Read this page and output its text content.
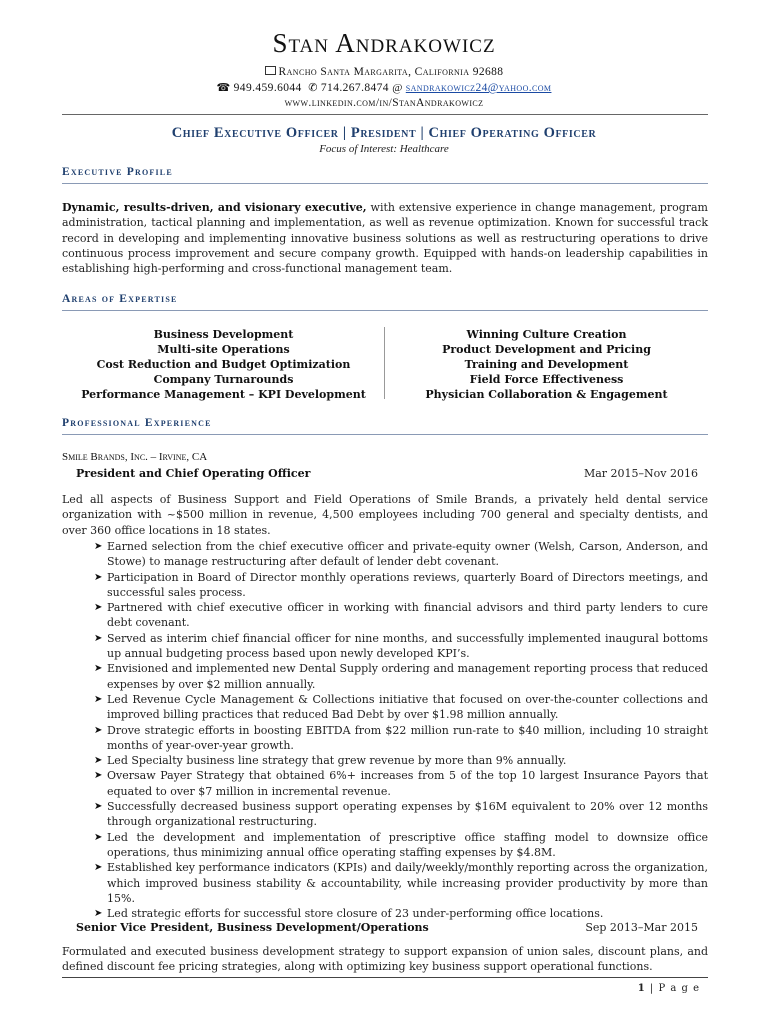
Stan Andrakowicz
Rancho Santa Margarita, California 92688
☎ 949.459.6044 ✆ 714.267.8474 @ sandrakowicz24@yahoo.com
www.linkedin.com/in/StanAndrakowicz
Chief Executive Officer | President | Chief Operating Officer
Focus of Interest: Healthcare
Executive Profile
Dynamic, results-driven, and visionary executive, with extensive experience in change management, program administration, tactical planning and implementation, as well as revenue optimization. Known for successful track record in developing and implementing innovative business solutions as well as restructuring operations to drive continuous process improvement and secure company growth. Equipped with hands-on leadership capabilities in establishing high-performing and cross-functional management team.
Areas of Expertise
Business Development
Multi-site Operations
Cost Reduction and Budget Optimization
Company Turnarounds
Performance Management – KPI Development
Winning Culture Creation
Product Development and Pricing
Training and Development
Field Force Effectiveness
Physician Collaboration & Engagement
Professional Experience
Smile Brands, Inc. – Irvine, CA
President and Chief Operating Officer	Mar 2015–Nov 2016
Led all aspects of Business Support and Field Operations of Smile Brands, a privately held dental service organization with ~$500 million in revenue, 4,500 employees including 700 general and specialty dentists, and over 360 office locations in 18 states.
➤ Earned selection from the chief executive officer and private-equity owner (Welsh, Carson, Anderson, and Stowe) to manage restructuring after default of lender debt covenant.
➤ Participation in Board of Director monthly operations reviews, quarterly Board of Directors meetings, and successful sales process.
➤ Partnered with chief executive officer in working with financial advisors and third party lenders to cure debt covenant.
➤ Served as interim chief financial officer for nine months, and successfully implemented inaugural bottoms up annual budgeting process based upon newly developed KPI’s.
➤ Envisioned and implemented new Dental Supply ordering and management reporting process that reduced expenses by over $2 million annually.
➤ Led Revenue Cycle Management & Collections initiative that focused on over-the-counter collections and improved billing practices that reduced Bad Debt by over $1.98 million annually.
➤ Drove strategic efforts in boosting EBITDA from $22 million run-rate to $40 million, including 10 straight months of year-over-year growth.
➤ Led Specialty business line strategy that grew revenue by more than 9% annually.
➤ Oversaw Payer Strategy that obtained 6%+ increases from 5 of the top 10 largest Insurance Payors that equated to over $7 million in incremental revenue.
➤ Successfully decreased business support operating expenses by $16M equivalent to 20% over 12 months through organizational restructuring.
➤ Led the development and implementation of prescriptive office staffing model to downsize office operations, thus minimizing annual office operating staffing expenses by $4.8M.
➤ Established key performance indicators (KPIs) and daily/weekly/monthly reporting across the organization, which improved business stability & accountability, while increasing provider productivity by more than 15%.
➤ Led strategic efforts for successful store closure of 23 under-performing office locations.
Senior Vice President, Business Development/Operations	Sep 2013–Mar 2015
Formulated and executed business development strategy to support expansion of union sales, discount plans, and defined discount fee pricing strategies, along with optimizing key business support operational functions.
1 | P a g e
